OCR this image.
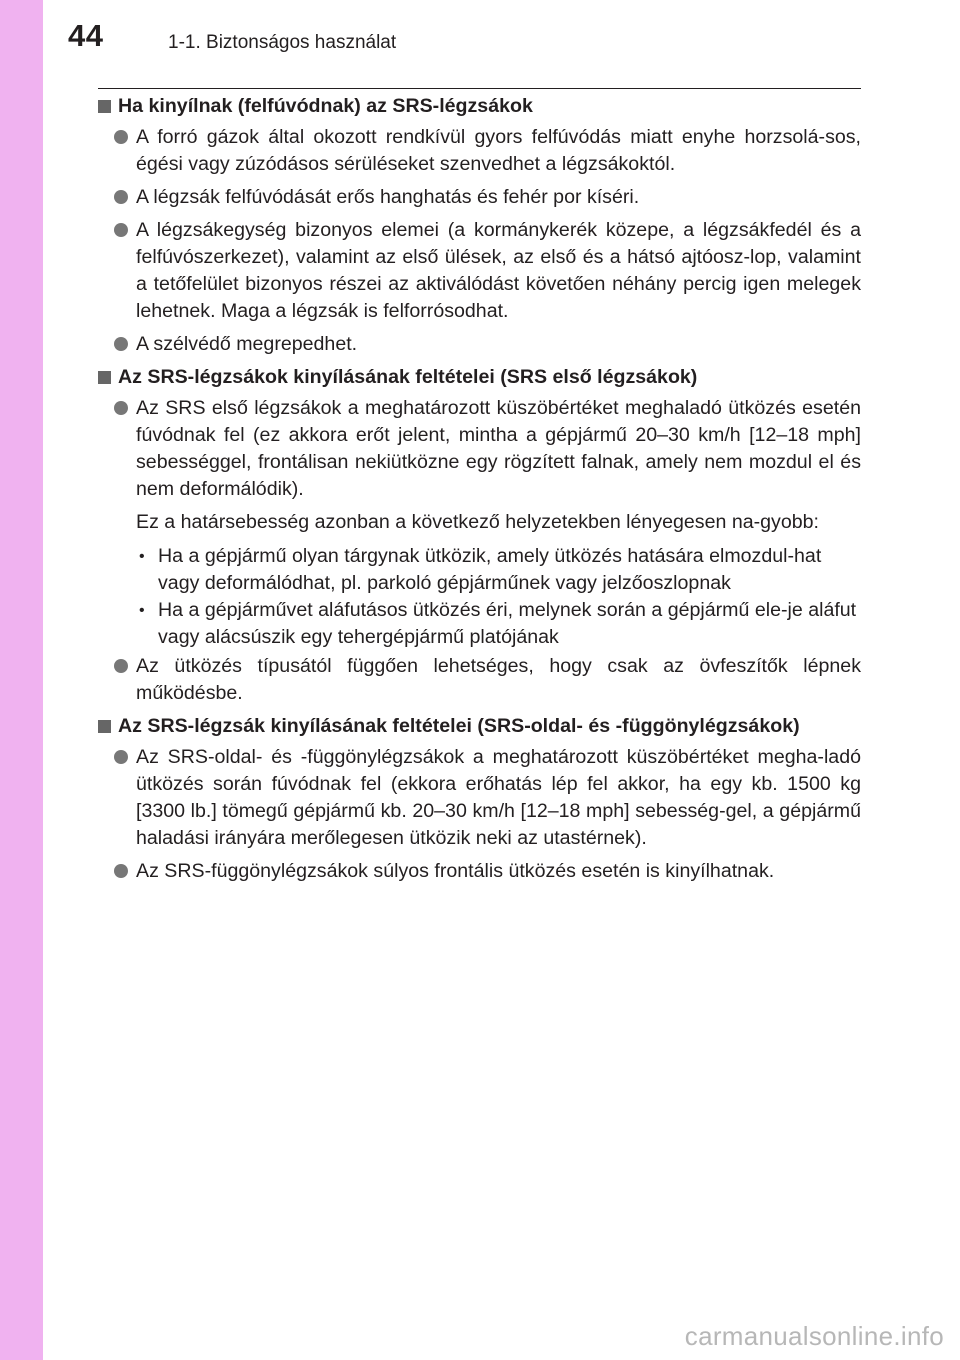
44	1-1. Biztonságos használat
Ha kinyílnak (felfúvódnak) az SRS-légzsákok
A forró gázok által okozott rendkívül gyors felfúvódás miatt enyhe horzsolá-sos, égési vagy zúzódásos sérüléseket szenvedhet a légzsákoktól.
A légzsák felfúvódását erős hanghatás és fehér por kíséri.
A légzsákegység bizonyos elemei (a kormánykerék közepe, a légzsákfedél és a felfúvószerkezet), valamint az első ülések, az első és a hátsó ajtóosz-lop, valamint a tetőfelület bizonyos részei az aktiválódást követően néhány percig igen melegek lehetnek. Maga a légzsák is felforrósodhat.
A szélvédő megrepedhet.
Az SRS-légzsákok kinyílásának feltételei (SRS első légzsákok)
Az SRS első légzsákok a meghatározott küszöbértéket meghaladó ütközés esetén fúvódnak fel (ez akkora erőt jelent, mintha a gépjármű 20–30 km/h [12–18 mph] sebességgel, frontálisan nekiütközne egy rögzített falnak, amely nem mozdul el és nem deformálódik).
Ez a határsebesség azonban a következő helyzetekben lényegesen na-gyobb:
• Ha a gépjármű olyan tárgynak ütközik, amely ütközés hatására elmozdul-hat vagy deformálódhat, pl. parkoló gépjárműnek vagy jelzőoszlopnak
• Ha a gépjárművet aláfutásos ütközés éri, melynek során a gépjármű ele-je aláfut vagy alácsúszik egy tehergépjármű platójának
Az ütközés típusától függően lehetséges, hogy csak az övfeszítők lépnek működésbe.
Az SRS-légzsák kinyílásának feltételei (SRS-oldal- és -függönylégzsákok)
Az SRS-oldal- és -függönylégzsákok a meghatározott küszöbértéket megha-ladó ütközés során fúvódnak fel (ekkora erőhatás lép fel akkor, ha egy kb. 1500 kg [3300 lb.] tömegű gépjármű kb. 20–30 km/h [12–18 mph] sebesség-gel, a gépjármű haladási irányára merőlegesen ütközik neki az utastérnek).
Az SRS-függönylégzsákok súlyos frontális ütközés esetén is kinyílhatnak.
carmanualsonline.info
